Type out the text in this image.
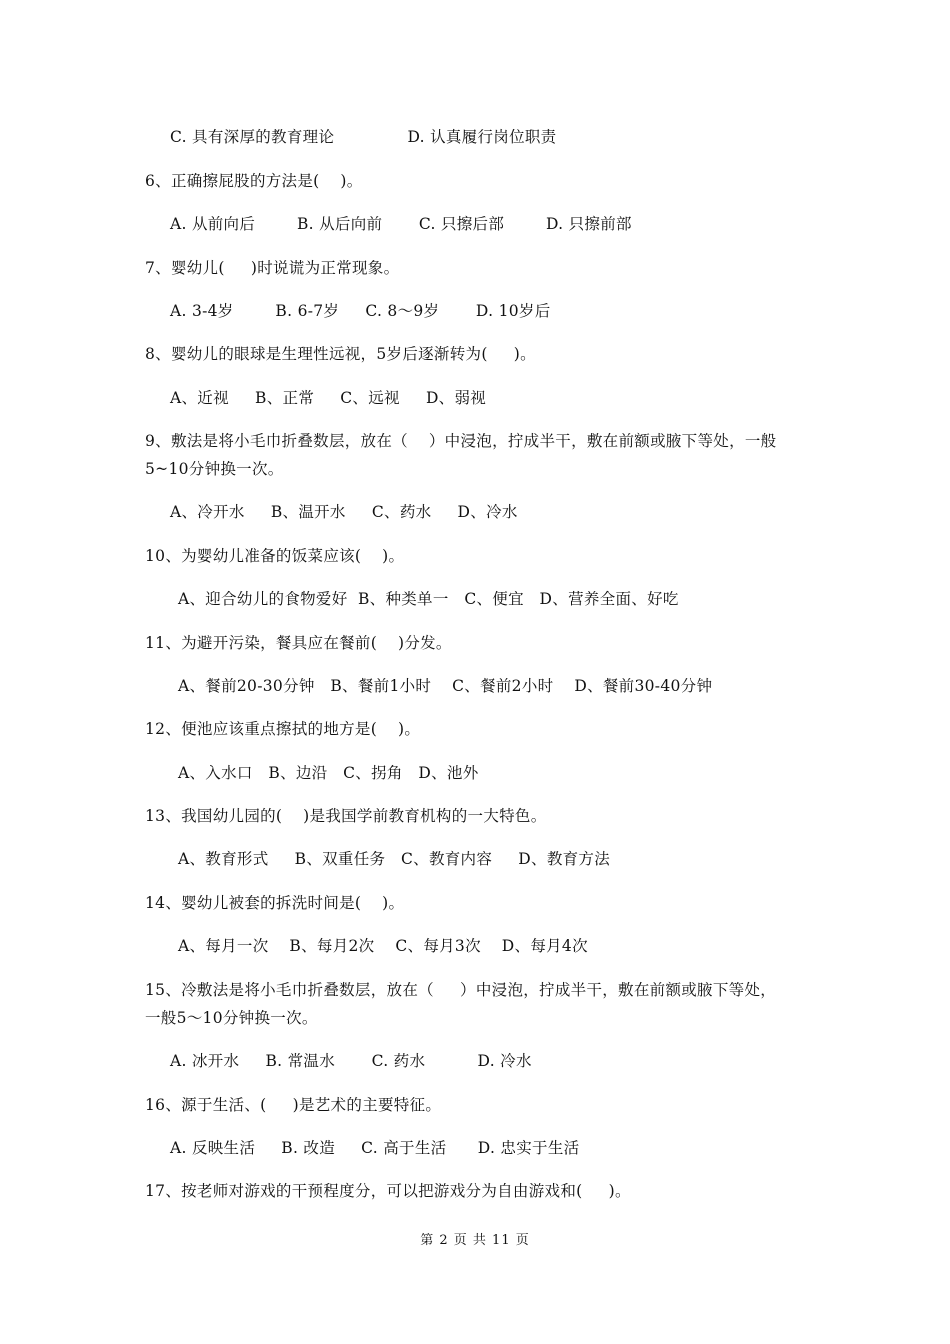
C. 具有深厚的教育理论              D. 认真履行岗位职责
6、正确擦屁股的方法是(    )。
A. 从前向后        B. 从后向前       C. 只擦后部        D. 只擦前部
7、婴幼儿(     )时说谎为正常现象。
A. 3-4岁        B. 6-7岁     C. 8～9岁       D. 10岁后
8、婴幼儿的眼球是生理性远视，5岁后逐渐转为(     )。
A、近视     B、正常     C、远视     D、弱视
9、敷法是将小毛巾折叠数层，放在（    ）中浸泡，拧成半干，敷在前额或腋下等处，一般
5~10分钟换一次。
A、冷开水     B、温开水     C、药水     D、冷水
10、为婴幼儿准备的饭菜应该(    )。
A、迎合幼儿的食物爱好  B、种类单一   C、便宜   D、营养全面、好吃
11、为避开污染，餐具应在餐前(    )分发。
A、餐前20-30分钟   B、餐前1小时    C、餐前2小时    D、餐前30-40分钟
12、便池应该重点擦拭的地方是(    )。
A、入水口   B、边沿   C、拐角   D、池外
13、我国幼儿园的(    )是我国学前教育机构的一大特色。
A、教育形式     B、双重任务   C、教育内容     D、教育方法
14、婴幼儿被套的拆洗时间是(    )。
A、每月一次    B、每月2次    C、每月3次    D、每月4次
15、冷敷法是将小毛巾折叠数层，放在（     ）中浸泡，拧成半干，敷在前额或腋下等处，
一般5～10分钟换一次。
A. 冰开水     B. 常温水       C. 药水          D. 冷水
16、源于生活、(     )是艺术的主要特征。
A. 反映生活     B. 改造     C. 高于生活      D. 忠实于生活
17、按老师对游戏的干预程度分，可以把游戏分为自由游戏和(     )。
第 2 页 共 11 页
